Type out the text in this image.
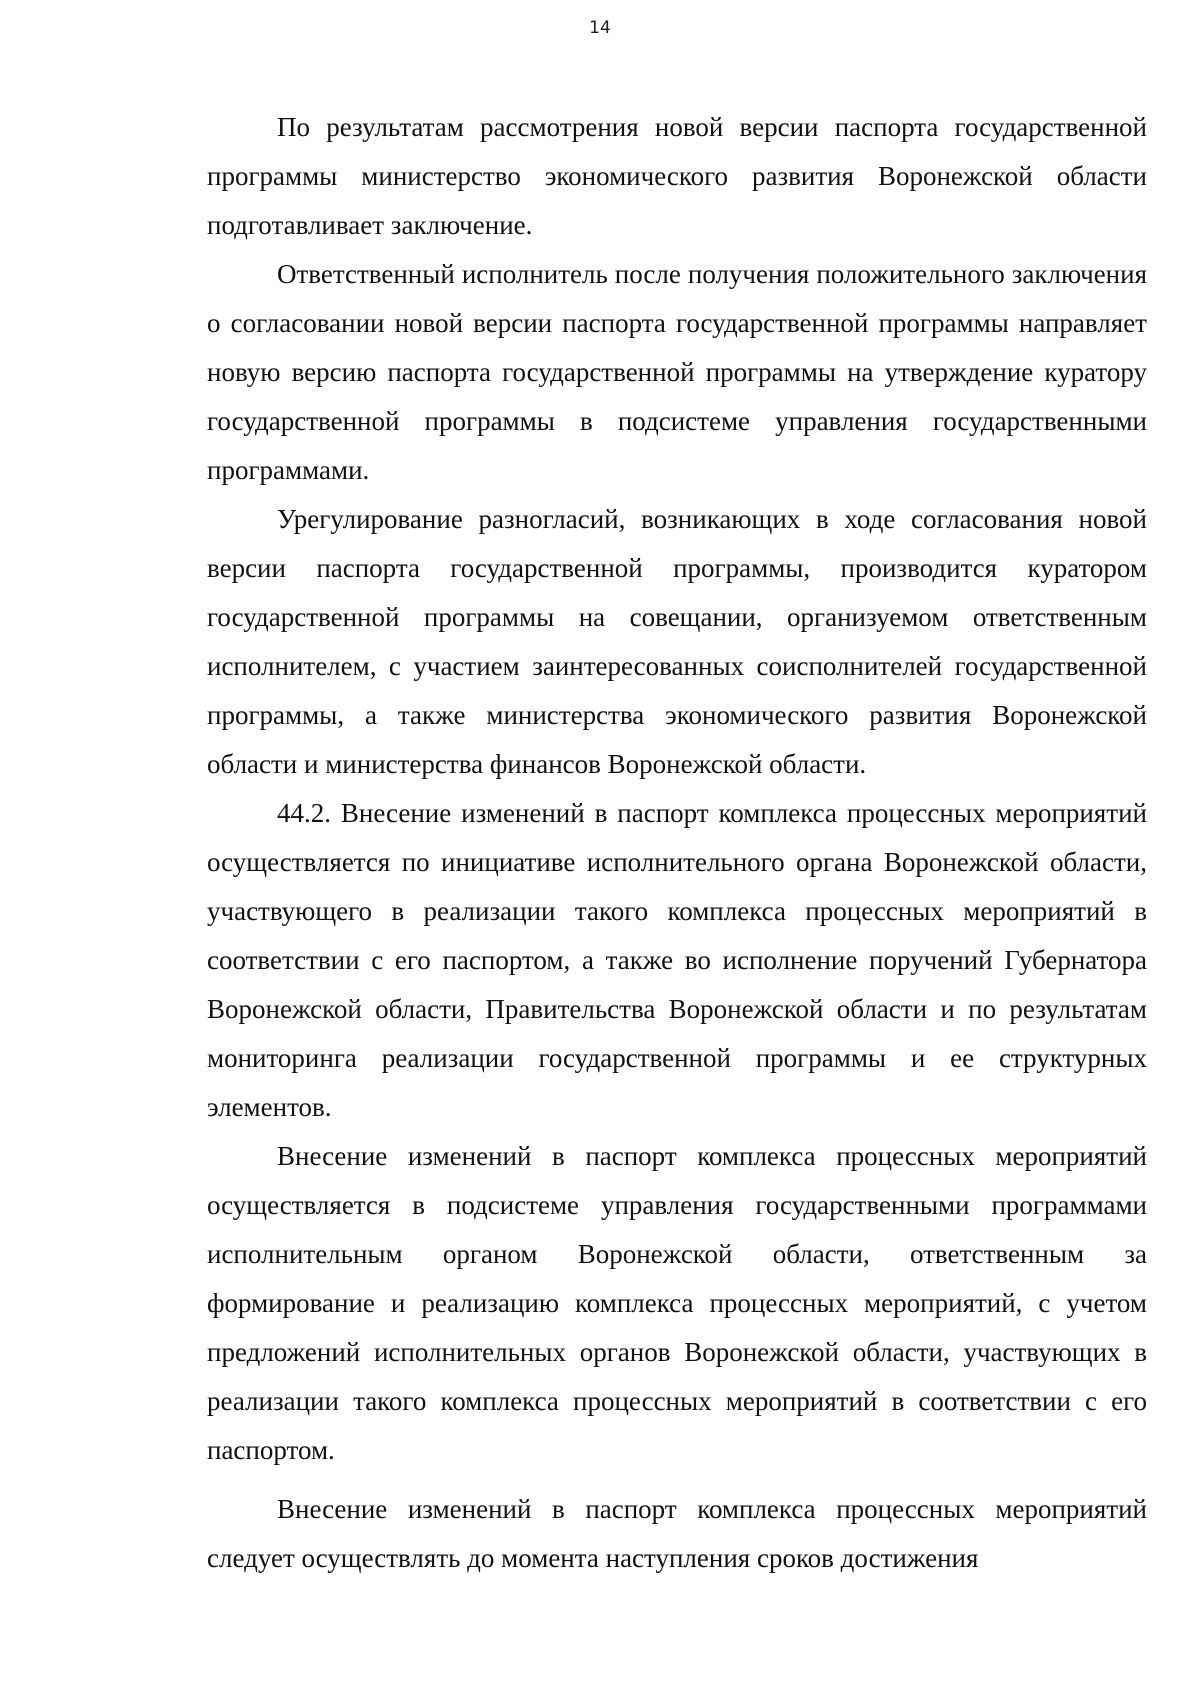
14

По результатам рассмотрения новой версии паспорта государственной программы министерство экономического развития Воронежской области подготавливает заключение.

Ответственный исполнитель после получения положительного заключения о согласовании новой версии паспорта государственной программы направляет новую версию паспорта государственной программы на утверждение куратору государственной программы в подсистеме управления государственными программами.

Урегулирование разногласий, возникающих в ходе согласования новой версии паспорта государственной программы, производится куратором государственной программы на совещании, организуемом ответственным исполнителем, с участием заинтересованных соисполнителей государственной программы, а также министерства экономического развития Воронежской области и министерства финансов Воронежской области.

44.2. Внесение изменений в паспорт комплекса процессных мероприятий осуществляется по инициативе исполнительного органа Воронежской области, участвующего в реализации такого комплекса процессных мероприятий в соответствии с его паспортом, а также во исполнение поручений Губернатора Воронежской области, Правительства Воронежской области и по результатам мониторинга реализации государственной программы и ее структурных элементов.

Внесение изменений в паспорт комплекса процессных мероприятий осуществляется в подсистеме управления государственными программами исполнительным органом Воронежской области, ответственным за формирование и реализацию комплекса процессных мероприятий, с учетом предложений исполнительных органов Воронежской области, участвующих в реализации такого комплекса процессных мероприятий в соответствии с его паспортом.

Внесение изменений в паспорт комплекса процессных мероприятий следует осуществлять до момента наступления сроков достижения
